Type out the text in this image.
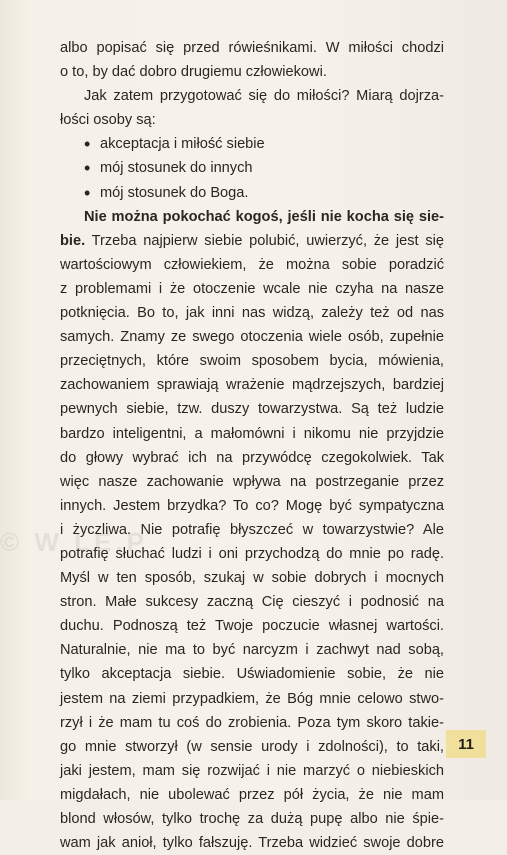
© W LE.P

albo popisać się przed rówieśnikami. W miłości chodzi
o to, by dać dobro drugiemu człowiekowi.

Jak zatem przygotować się do miłości? Miarą dojrza-
łości osoby są:

• akceptacja i miłość siebie
• mój stosunek do innych
• mój stosunek do Boga.

Nie można pokochać kogoś, jeśli nie kocha się sie-
bie. Trzeba najpierw siebie polubić, uwierzyć, że jest się
wartościowym człowiekiem, że można sobie poradzić
z problemami i że otoczenie wcale nie czyha na nasze
potknięcia. Bo to, jak inni nas widzą, zależy też od nas
samych. Znamy ze swego otoczenia wiele osób, zupełnie
przeciętnych, które swoim sposobem bycia, mówienia,
zachowaniem sprawiają wrażenie mądrzejszych, bardziej
pewnych siebie, tzw. duszy towarzystwa. Są też ludzie
bardzo inteligentni, a małomówni i nikomu nie przyjdzie
do głowy wybrać ich na przywódcę czegokolwiek. Tak
więc nasze zachowanie wpływa na postrzeganie przez
innych. Jestem brzydka? To co? Mogę być sympatyczna
i życzliwa. Nie potrafię błyszczeć w towarzystwie? Ale
potrafię słuchać ludzi i oni przychodzą do mnie po radę.
Myśl w ten sposób, szukaj w sobie dobrych i mocnych
stron. Małe sukcesy zaczną Cię cieszyć i podnosić na
duchu. Podnoszą też Twoje poczucie własnej wartości.
Naturalnie, nie ma to być narcyzm i zachwyt nad sobą,
tylko akceptacja siebie. Uświadomienie sobie, że nie
jestem na ziemi przypadkiem, że Bóg mnie celowo stwo-
rzył i że mam tu coś do zrobienia. Poza tym skoro takie-
go mnie stworzył (w sensie urody i zdolności), to taki,
jaki jestem, mam się rozwijać i nie marzyć o niebieskich
migdałach, nie ubolewać przez pół życia, że nie mam
blond włosów, tylko trochę za dużą pupę albo nie śpie-
wam jak anioł, tylko fałszuję. Trzeba widzieć swoje dobre

11
